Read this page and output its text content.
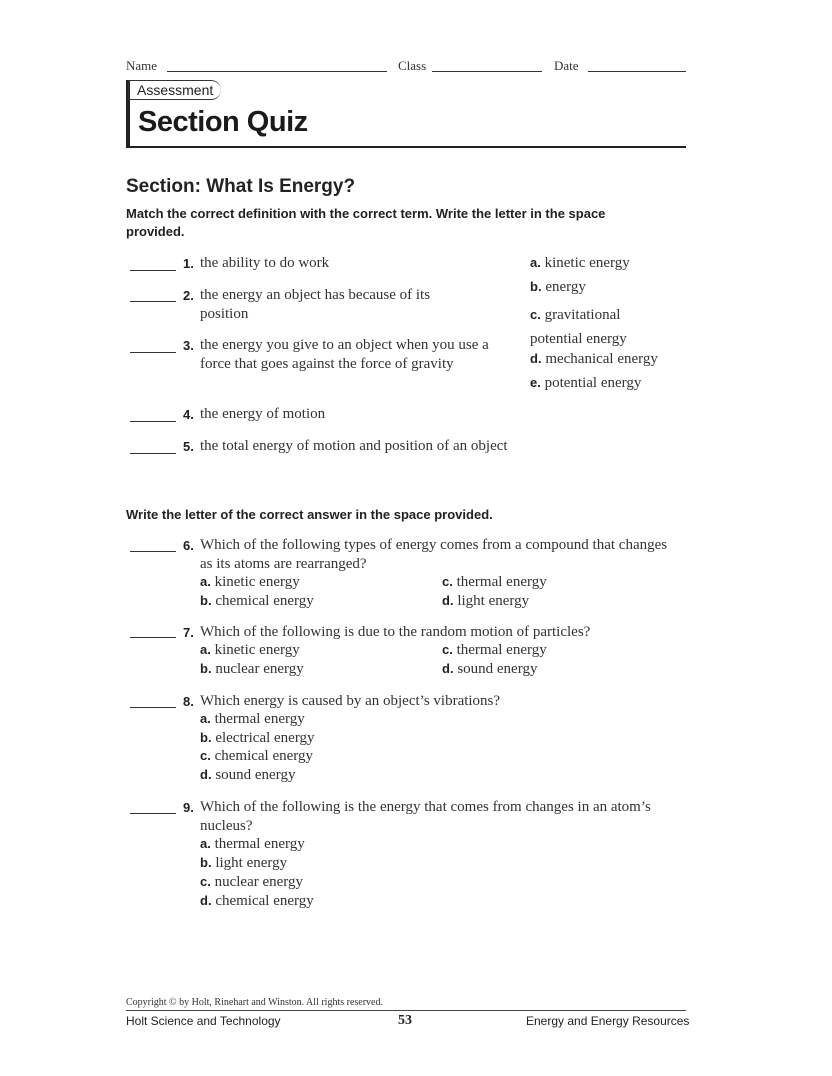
Name	Class	Date
Assessment
Section Quiz
Section: What Is Energy?
Match the correct definition with the correct term. Write the letter in the space provided.
1. the ability to do work
2. the energy an object has because of its position
3. the energy you give to an object when you use a force that goes against the force of gravity
4. the energy of motion
5. the total energy of motion and position of an object
a. kinetic energy
b. energy
c. gravitational potential energy
d. mechanical energy
e. potential energy
Write the letter of the correct answer in the space provided.
6. Which of the following types of energy comes from a compound that changes as its atoms are rearranged?
a. kinetic energy
b. chemical energy
c. thermal energy
d. light energy
7. Which of the following is due to the random motion of particles?
a. kinetic energy
b. nuclear energy
c. thermal energy
d. sound energy
8. Which energy is caused by an object’s vibrations?
a. thermal energy
b. electrical energy
c. chemical energy
d. sound energy
9. Which of the following is the energy that comes from changes in an atom’s nucleus?
a. thermal energy
b. light energy
c. nuclear energy
d. chemical energy
Copyright © by Holt, Rinehart and Winston. All rights reserved.
Holt Science and Technology	53	Energy and Energy Resources
